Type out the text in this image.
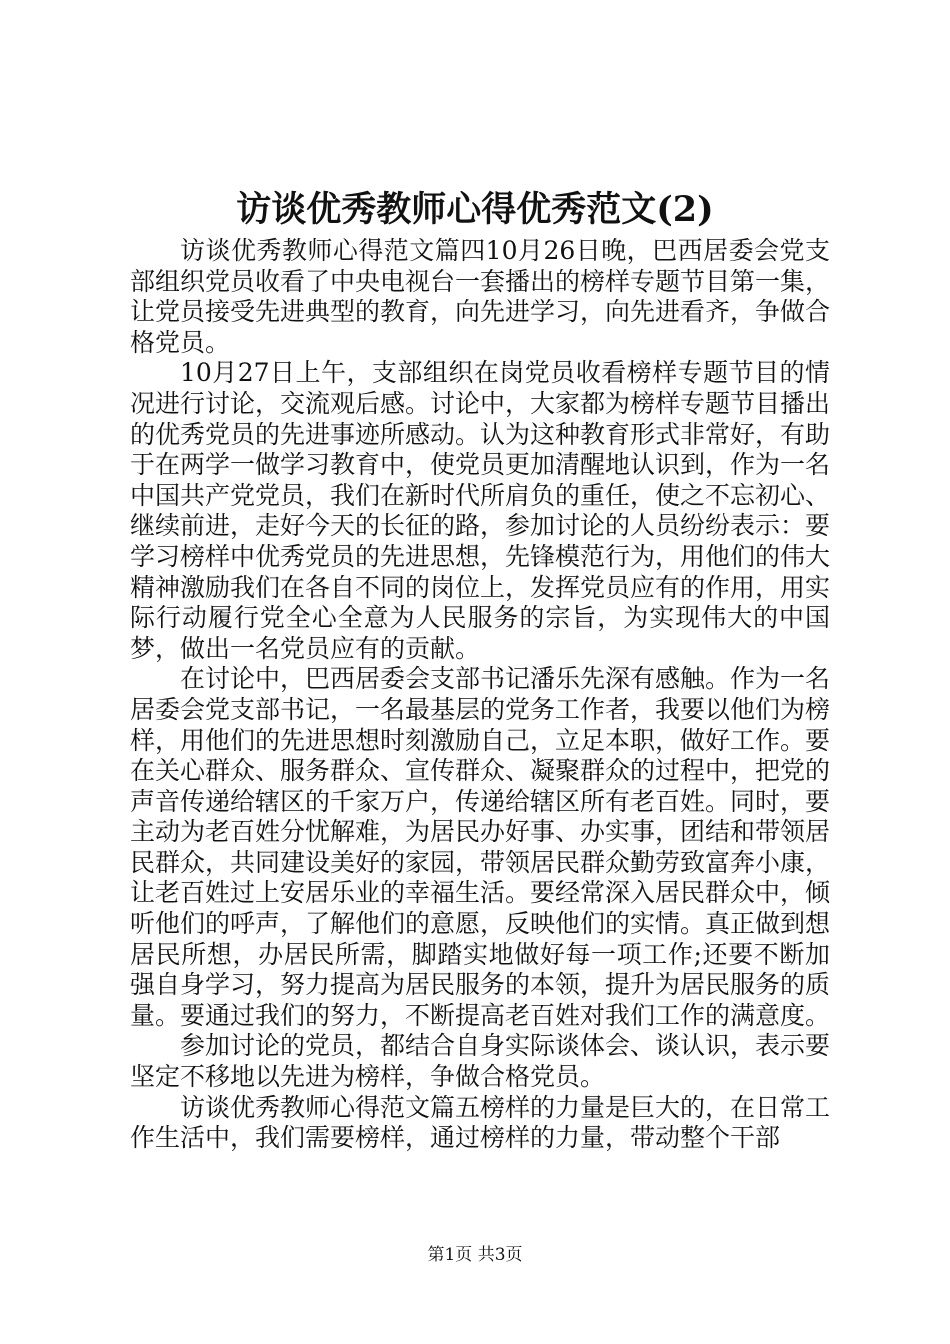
访谈优秀教师心得优秀范文(2)

访谈优秀教师心得范文篇四10月26日晚，巴西居委会党支部组织党员收看了中央电视台一套播出的榜样专题节目第一集，让党员接受先进典型的教育，向先进学习，向先进看齐，争做合格党员。

10月27日上午，支部组织在岗党员收看榜样专题节目的情况进行讨论，交流观后感。讨论中，大家都为榜样专题节目播出的优秀党员的先进事迹所感动。认为这种教育形式非常好，有助于在两学一做学习教育中，使党员更加清醒地认识到，作为一名中国共产党党员，我们在新时代所肩负的重任，使之不忘初心、继续前进，走好今天的长征的路，参加讨论的人员纷纷表示：要学习榜样中优秀党员的先进思想，先锋模范行为，用他们的伟大精神激励我们在各自不同的岗位上，发挥党员应有的作用，用实际行动履行党全心全意为人民服务的宗旨，为实现伟大的中国梦，做出一名党员应有的贡献。

在讨论中，巴西居委会支部书记潘乐先深有感触。作为一名居委会党支部书记，一名最基层的党务工作者，我要以他们为榜样，用他们的先进思想时刻激励自己，立足本职，做好工作。要在关心群众、服务群众、宣传群众、凝聚群众的过程中，把党的声音传递给辖区的千家万户，传递给辖区所有老百姓。同时，要主动为老百姓分忧解难，为居民办好事、办实事，团结和带领居民群众，共同建设美好的家园，带领居民群众勤劳致富奔小康，让老百姓过上安居乐业的幸福生活。要经常深入居民群众中，倾听他们的呼声，了解他们的意愿，反映他们的实情。真正做到想居民所想，办居民所需，脚踏实地做好每一项工作;还要不断加强自身学习，努力提高为居民服务的本领，提升为居民服务的质量。要通过我们的努力，不断提高老百姓对我们工作的满意度。

参加讨论的党员，都结合自身实际谈体会、谈认识，表示要坚定不移地以先进为榜样，争做合格党员。

访谈优秀教师心得范文篇五榜样的力量是巨大的，在日常工作生活中，我们需要榜样，通过榜样的力量，带动整个干部

第1页 共3页
